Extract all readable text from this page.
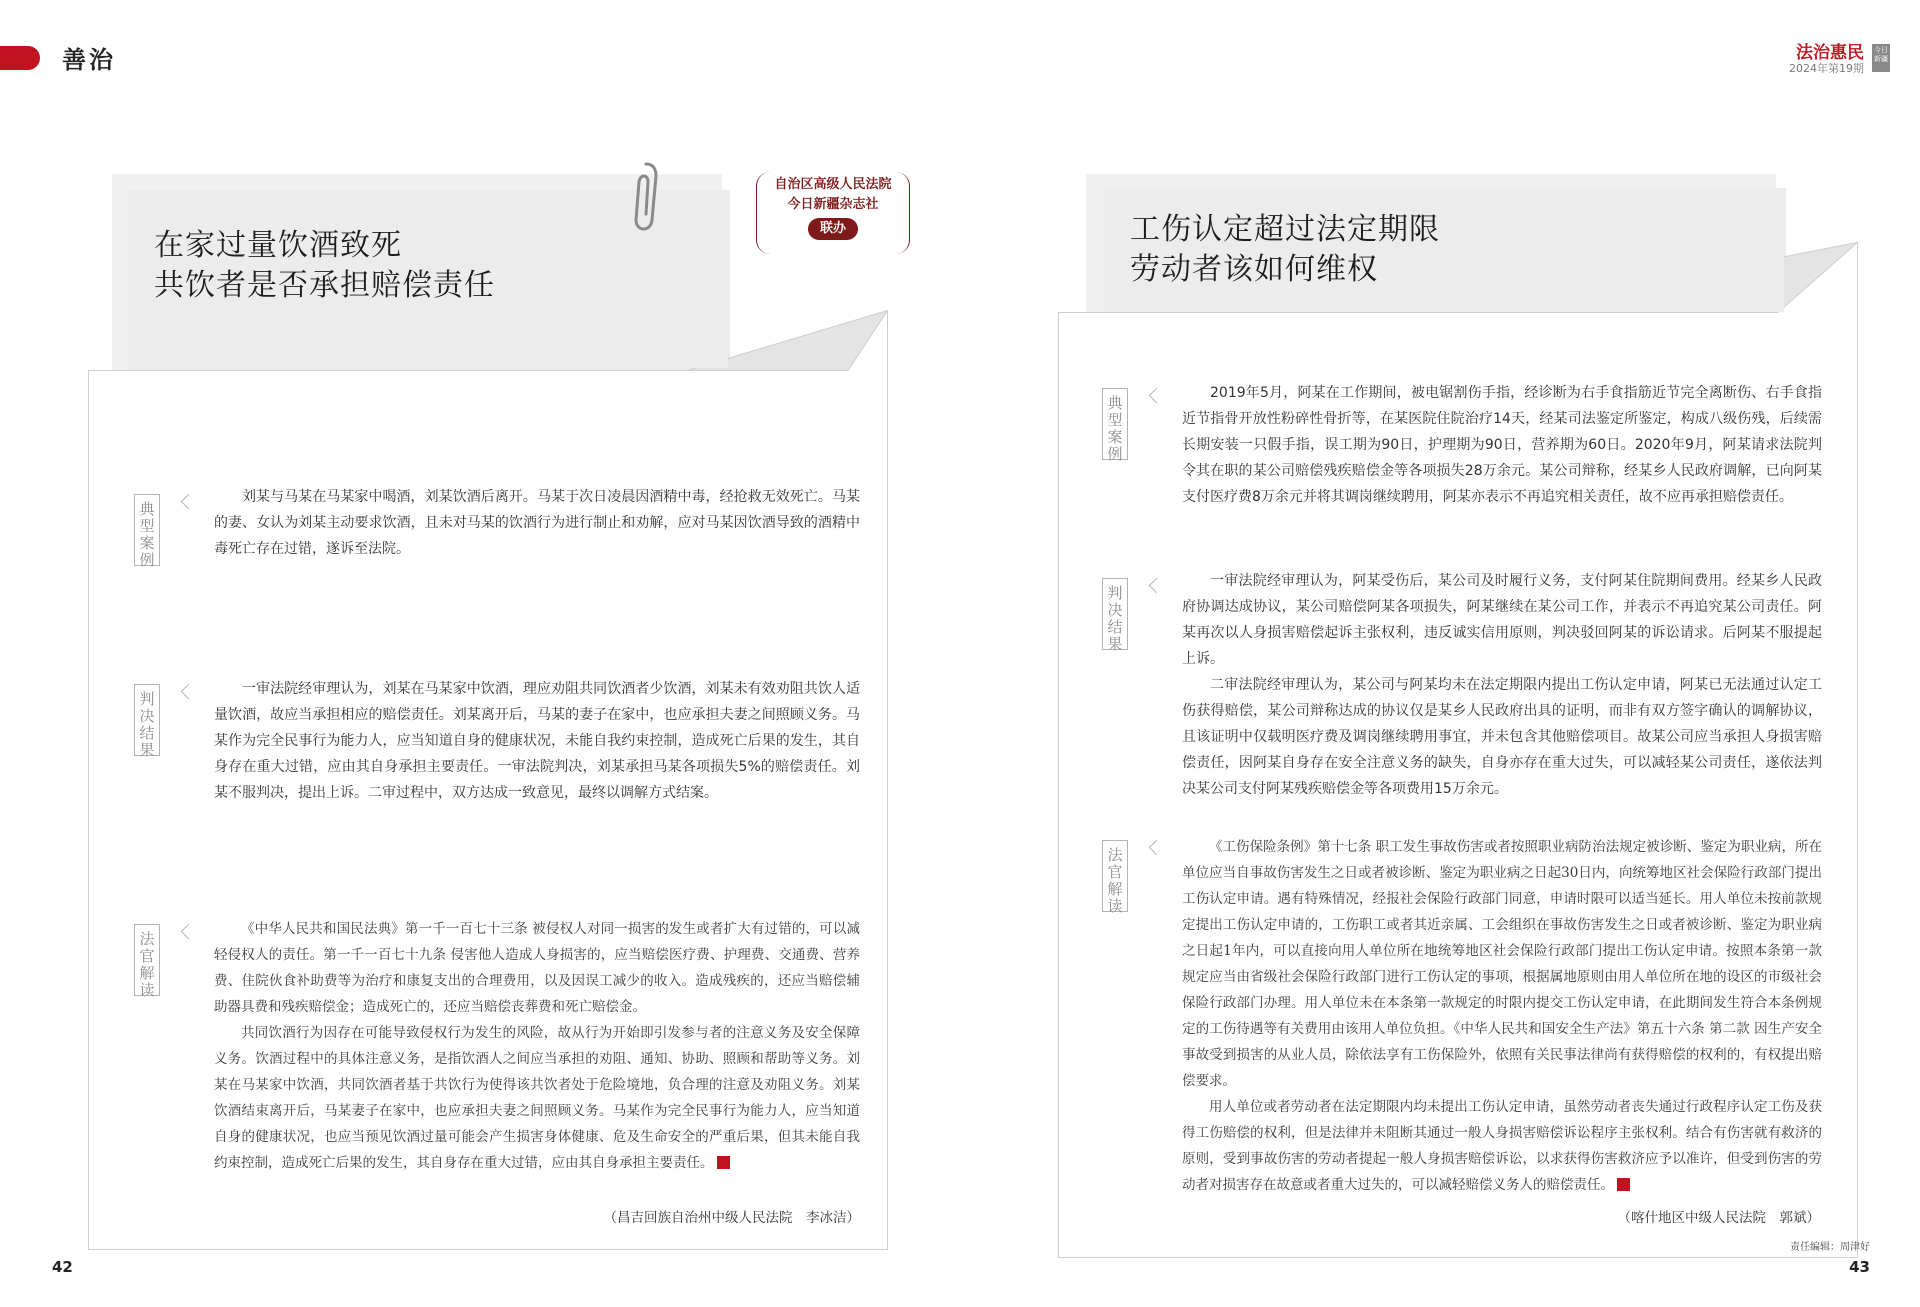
善治	法治惠民
2024年第19期
今日新疆
在家过量饮酒致死
共饮者是否承担赔偿责任
自治区高级人民法院
今日新疆杂志社
联办
典型案例

刘某与马某在马某家中喝酒，刘某饮酒后离开。马某于次日凌晨因酒精中毒，经抢救无效死亡。马某的妻、女认为刘某主动要求饮酒，且未对马某的饮酒行为进行制止和劝解，应对马某因饮酒导致的酒精中毒死亡存在过错，遂诉至法院。

判决结果

一审法院经审理认为，刘某在马某家中饮酒，理应劝阻共同饮酒者少饮酒，刘某未有效劝阻共饮人适量饮酒，故应当承担相应的赔偿责任。刘某离开后，马某的妻子在家中，也应承担夫妻之间照顾义务。马某作为完全民事行为能力人，应当知道自身的健康状况，未能自我约束控制，造成死亡后果的发生，其自身存在重大过错，应由其自身承担主要责任。一审法院判决，刘某承担马某各项损失5%的赔偿责任。刘某不服判决，提出上诉。二审过程中，双方达成一致意见，最终以调解方式结案。

法官解读

《中华人民共和国民法典》第一千一百七十三条 被侵权人对同一损害的发生或者扩大有过错的，可以减轻侵权人的责任。第一千一百七十九条 侵害他人造成人身损害的，应当赔偿医疗费、护理费、交通费、营养费、住院伙食补助费等为治疗和康复支出的合理费用，以及因误工减少的收入。造成残疾的，还应当赔偿辅助器具费和残疾赔偿金；造成死亡的，还应当赔偿丧葬费和死亡赔偿金。

共同饮酒行为因存在可能导致侵权行为发生的风险，故从行为开始即引发参与者的注意义务及安全保障义务。饮酒过程中的具体注意义务，是指饮酒人之间应当承担的劝阻、通知、协助、照顾和帮助等义务。刘某在马某家中饮酒，共同饮酒者基于共饮行为使得该共饮者处于危险境地，负合理的注意及劝阻义务。刘某饮酒结束离开后，马某妻子在家中，也应承担夫妻之间照顾义务。马某作为完全民事行为能力人，应当知道自身的健康状况，也应当预见饮酒过量可能会产生损害身体健康、危及生命安全的严重后果，但其未能自我约束控制，造成死亡后果的发生，其自身存在重大过错，应由其自身承担主要责任。

（昌吉回族自治州中级人民法院　李冰洁）
工伤认定超过法定期限
劳动者该如何维权
典型案例

2019年5月，阿某在工作期间，被电锯割伤手指，经诊断为右手食指筋近节完全离断伤、右手食指近节指骨开放性粉碎性骨折等，在某医院住院治疗14天，经某司法鉴定所鉴定，构成八级伤残，后续需长期安装一只假手指，误工期为90日，护理期为90日，营养期为60日。2020年9月，阿某请求法院判令其在职的某公司赔偿残疾赔偿金等各项损失28万余元。某公司辩称，经某乡人民政府调解，已向阿某支付医疗费8万余元并将其调岗继续聘用，阿某亦表示不再追究相关责任，故不应再承担赔偿责任。

判决结果

一审法院经审理认为，阿某受伤后，某公司及时履行义务，支付阿某住院期间费用。经某乡人民政府协调达成协议，某公司赔偿阿某各项损失，阿某继续在某公司工作，并表示不再追究某公司责任。阿某再次以人身损害赔偿起诉主张权利，违反诚实信用原则，判决驳回阿某的诉讼请求。后阿某不服提起上诉。

二审法院经审理认为，某公司与阿某均未在法定期限内提出工伤认定申请，阿某已无法通过认定工伤获得赔偿，某公司辩称达成的协议仅是某乡人民政府出具的证明，而非有双方签字确认的调解协议，且该证明中仅载明医疗费及调岗继续聘用事宜，并未包含其他赔偿项目。故某公司应当承担人身损害赔偿责任，因阿某自身存在安全注意义务的缺失，自身亦存在重大过失，可以减轻某公司责任，遂依法判决某公司支付阿某残疾赔偿金等各项费用15万余元。

法官解读

《工伤保险条例》第十七条 职工发生事故伤害或者按照职业病防治法规定被诊断、鉴定为职业病，所在单位应当自事故伤害发生之日或者被诊断、鉴定为职业病之日起30日内，向统筹地区社会保险行政部门提出工伤认定申请。遇有特殊情况，经报社会保险行政部门同意，申请时限可以适当延长。用人单位未按前款规定提出工伤认定申请的，工伤职工或者其近亲属、工会组织在事故伤害发生之日或者被诊断、鉴定为职业病之日起1年内，可以直接向用人单位所在地统筹地区社会保险行政部门提出工伤认定申请。按照本条第一款规定应当由省级社会保险行政部门进行工伤认定的事项，根据属地原则由用人单位所在地的设区的市级社会保险行政部门办理。用人单位未在本条第一款规定的时限内提交工伤认定申请，在此期间发生符合本条例规定的工伤待遇等有关费用由该用人单位负担。《中华人民共和国安全生产法》第五十六条 第二款 因生产安全事故受到损害的从业人员，除依法享有工伤保险外，依照有关民事法律尚有获得赔偿的权利的，有权提出赔偿要求。

用人单位或者劳动者在法定期限内均未提出工伤认定申请，虽然劳动者丧失通过行政程序认定工伤及获得工伤赔偿的权利，但是法律并未阻断其通过一般人身损害赔偿诉讼程序主张权利。结合有伤害就有救济的原则，受到事故伤害的劳动者提起一般人身损害赔偿诉讼，以求获得伤害救济应予以准许，但受到伤害的劳动者对损害存在故意或者重大过失的，可以减轻赔偿义务人的赔偿责任。

（喀什地区中级人民法院　郭斌）
42
责任编辑：周津好
43
